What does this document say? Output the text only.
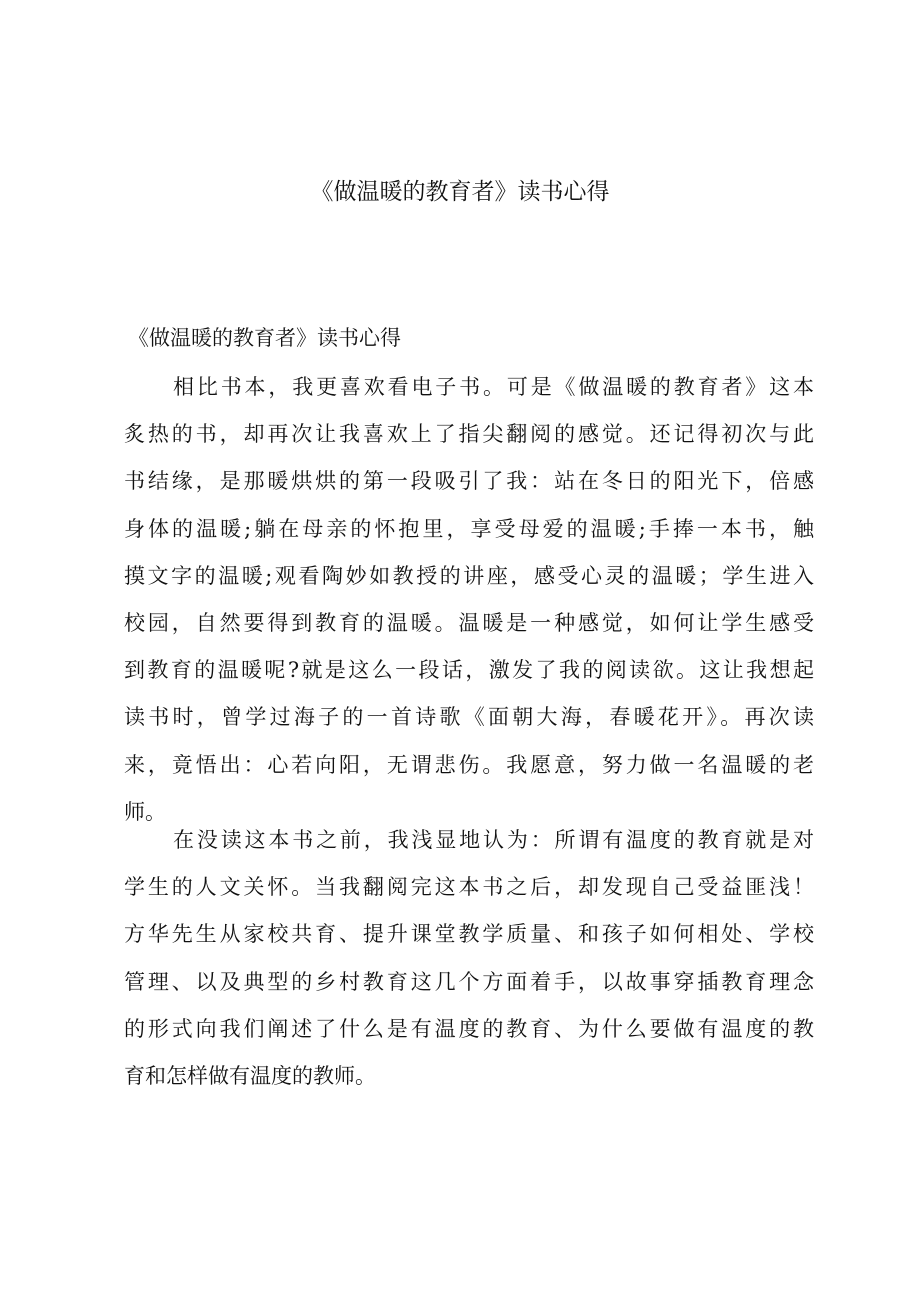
《做温暖的教育者》读书心得
《做温暖的教育者》读书心得
相比书本，我更喜欢看电子书。可是《做温暖的教育者》这本
炙热的书，却再次让我喜欢上了指尖翻阅的感觉。还记得初次与此
书结缘，是那暖烘烘的第一段吸引了我：站在冬日的阳光下，倍感
身体的温暖;躺在母亲的怀抱里，享受母爱的温暖;手捧一本书，触
摸文字的温暖;观看陶妙如教授的讲座，感受心灵的温暖；学生进入
校园，自然要得到教育的温暖。温暖是一种感觉，如何让学生感受
到教育的温暖呢?就是这么一段话，激发了我的阅读欲。这让我想起
读书时，曾学过海子的一首诗歌《面朝大海，春暖花开》。再次读
来，竟悟出：心若向阳，无谓悲伤。我愿意，努力做一名温暖的老
师。
在没读这本书之前，我浅显地认为：所谓有温度的教育就是对
学生的人文关怀。当我翻阅完这本书之后，却发现自己受益匪浅！
方华先生从家校共育、提升课堂教学质量、和孩子如何相处、学校
管理、以及典型的乡村教育这几个方面着手，以故事穿插教育理念
的形式向我们阐述了什么是有温度的教育、为什么要做有温度的教
育和怎样做有温度的教师。
